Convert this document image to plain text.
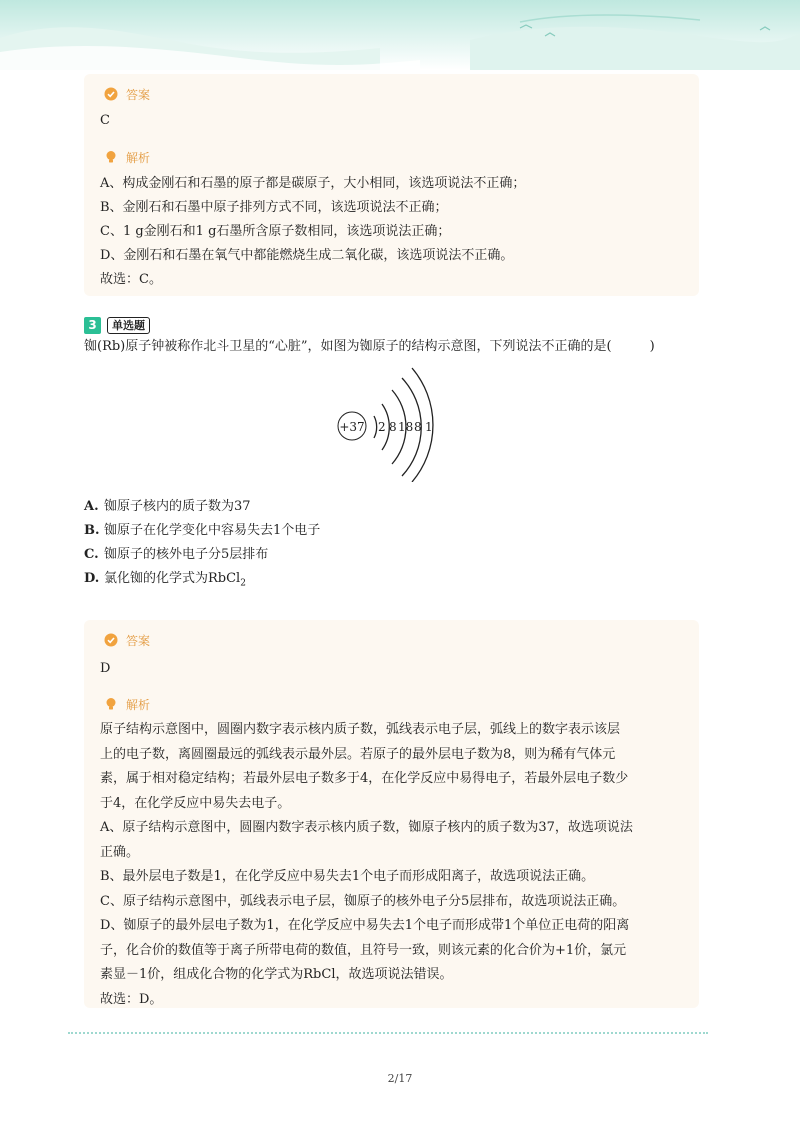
答案
C
解析
A、构成金刚石和石墨的原子都是碳原子，大小相同，该选项说法不正确；
B、金刚石和石墨中原子排列方式不同，该选项说法不正确；
C、1 g金刚石和1 g石墨所含原子数相同，该选项说法正确；
D、金刚石和石墨在氧气中都能燃烧生成二氧化碳，该选项说法不正确。
故选：C。
3	单选题
铷(Rb)原子钟被称作北斗卫星的“心脏”，如图为铷原子的结构示意图，下列说法不正确的是(	)
+37 2 8 18 8 1
A. 铷原子核内的质子数为37
B. 铷原子在化学变化中容易失去1个电子
C. 铷原子的核外电子分5层排布
D. 氯化铷的化学式为RbCl$_2$
答案
D
解析
原子结构示意图中，圆圈内数字表示核内质子数，弧线表示电子层，弧线上的数字表示该层
上的电子数，离圆圈最远的弧线表示最外层。若原子的最外层电子数为8，则为稀有气体元
素，属于相对稳定结构；若最外层电子数多于4，在化学反应中易得电子，若最外层电子数少
于4，在化学反应中易失去电子。
A、原子结构示意图中，圆圈内数字表示核内质子数，铷原子核内的质子数为37，故选项说法
正确。
B、最外层电子数是1，在化学反应中易失去1个电子而形成阳离子，故选项说法正确。
C、原子结构示意图中，弧线表示电子层，铷原子的核外电子分5层排布，故选项说法正确。
D、铷原子的最外层电子数为1，在化学反应中易失去1个电子而形成带1个单位正电荷的阳离
子，化合价的数值等于离子所带电荷的数值，且符号一致，则该元素的化合价为+1价，氯元
素显－1价，组成化合物的化学式为RbCl，故选项说法错误。
故选：D。
2/17
